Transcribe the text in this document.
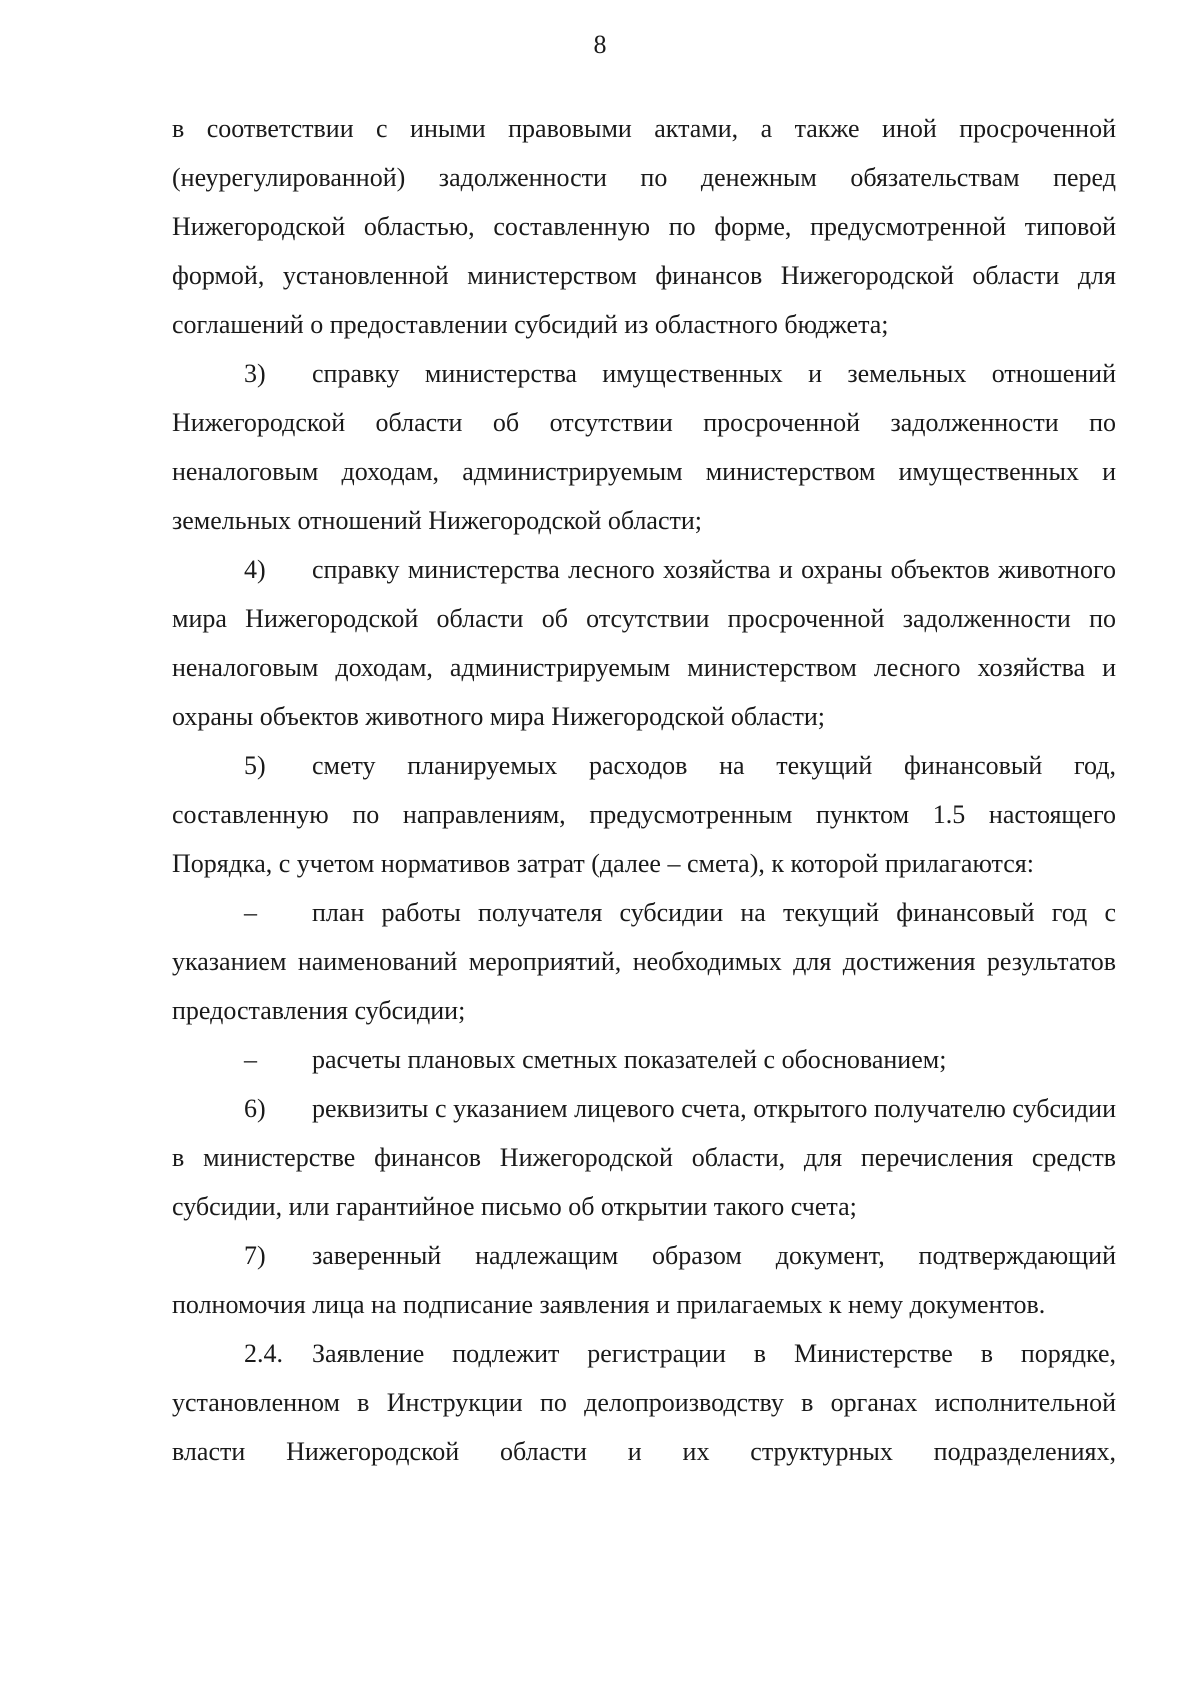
8

в соответствии с иными правовыми актами, а также иной просроченной (неурегулированной) задолженности по денежным обязательствам перед Нижегородской областью, составленную по форме, предусмотренной типовой формой, установленной министерством финансов Нижегородской области для соглашений о предоставлении субсидий из областного бюджета;

3) справку министерства имущественных и земельных отношений Нижегородской области об отсутствии просроченной задолженности по неналоговым доходам, администрируемым министерством имущественных и земельных отношений Нижегородской области;

4) справку министерства лесного хозяйства и охраны объектов животного мира Нижегородской области об отсутствии просроченной задолженности по неналоговым доходам, администрируемым министерством лесного хозяйства и охраны объектов животного мира Нижегородской области;

5) смету планируемых расходов на текущий финансовый год, составленную по направлениям, предусмотренным пунктом 1.5 настоящего Порядка, с учетом нормативов затрат (далее – смета), к которой прилагаются:

– план работы получателя субсидии на текущий финансовый год с указанием наименований мероприятий, необходимых для достижения результатов предоставления субсидии;

– расчеты плановых сметных показателей с обоснованием;

6) реквизиты с указанием лицевого счета, открытого получателю субсидии в министерстве финансов Нижегородской области, для перечисления средств субсидии, или гарантийное письмо об открытии такого счета;

7) заверенный надлежащим образом документ, подтверждающий полномочия лица на подписание заявления и прилагаемых к нему документов.

2.4. Заявление подлежит регистрации в Министерстве в порядке, установленном в Инструкции по делопроизводству в органах исполнительной власти Нижегородской области и их структурных подразделениях,
